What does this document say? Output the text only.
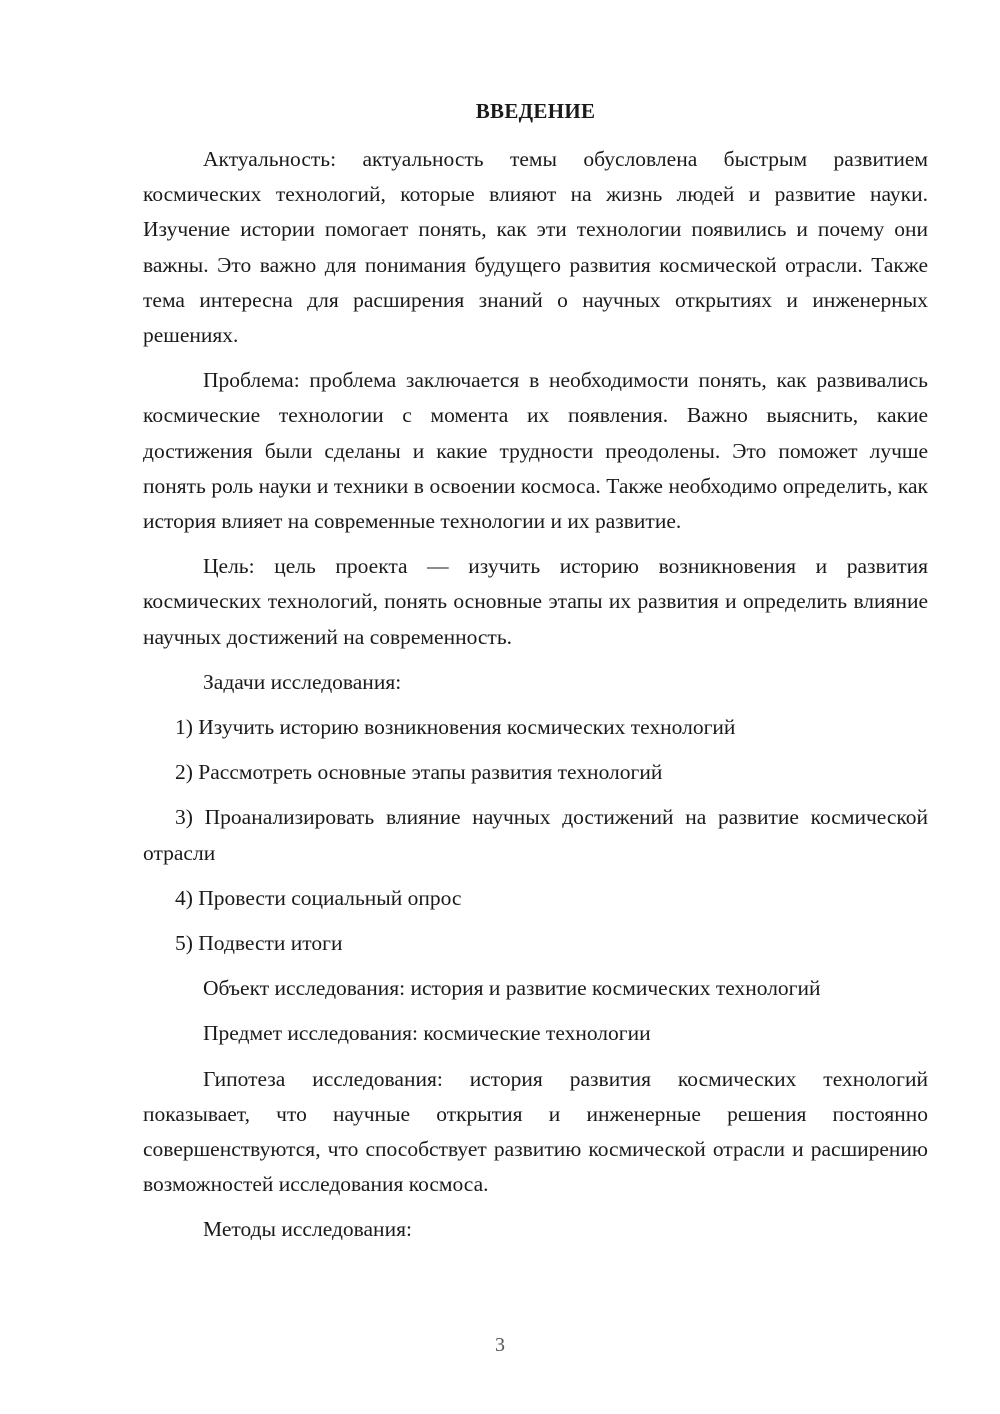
ВВЕДЕНИЕ

Актуальность: актуальность темы обусловлена быстрым развитием космических технологий, которые влияют на жизнь людей и развитие науки. Изучение истории помогает понять, как эти технологии появились и почему они важны. Это важно для понимания будущего развития космической отрасли. Также тема интересна для расширения знаний о научных открытиях и инженерных решениях.

Проблема: проблема заключается в необходимости понять, как развивались космические технологии с момента их появления. Важно выяснить, какие достижения были сделаны и какие трудности преодолены. Это поможет лучше понять роль науки и техники в освоении космоса. Также необходимо определить, как история влияет на современные технологии и их развитие.

Цель: цель проекта — изучить историю возникновения и развития космических технологий, понять основные этапы их развития и определить влияние научных достижений на современность.

Задачи исследования:
1) Изучить историю возникновения космических технологий
2) Рассмотреть основные этапы развития технологий

3) Проанализировать влияние научных достижений на развитие космической отрасли

4) Провести социальный опрос
5) Подвести итоги
Объект исследования: история и развитие космических технологий
Предмет исследования: космические технологии

Гипотеза исследования: история развития космических технологий показывает, что научные открытия и инженерные решения постоянно совершенствуются, что способствует развитию космической отрасли и расширению возможностей исследования космоса.

Методы исследования:
3
